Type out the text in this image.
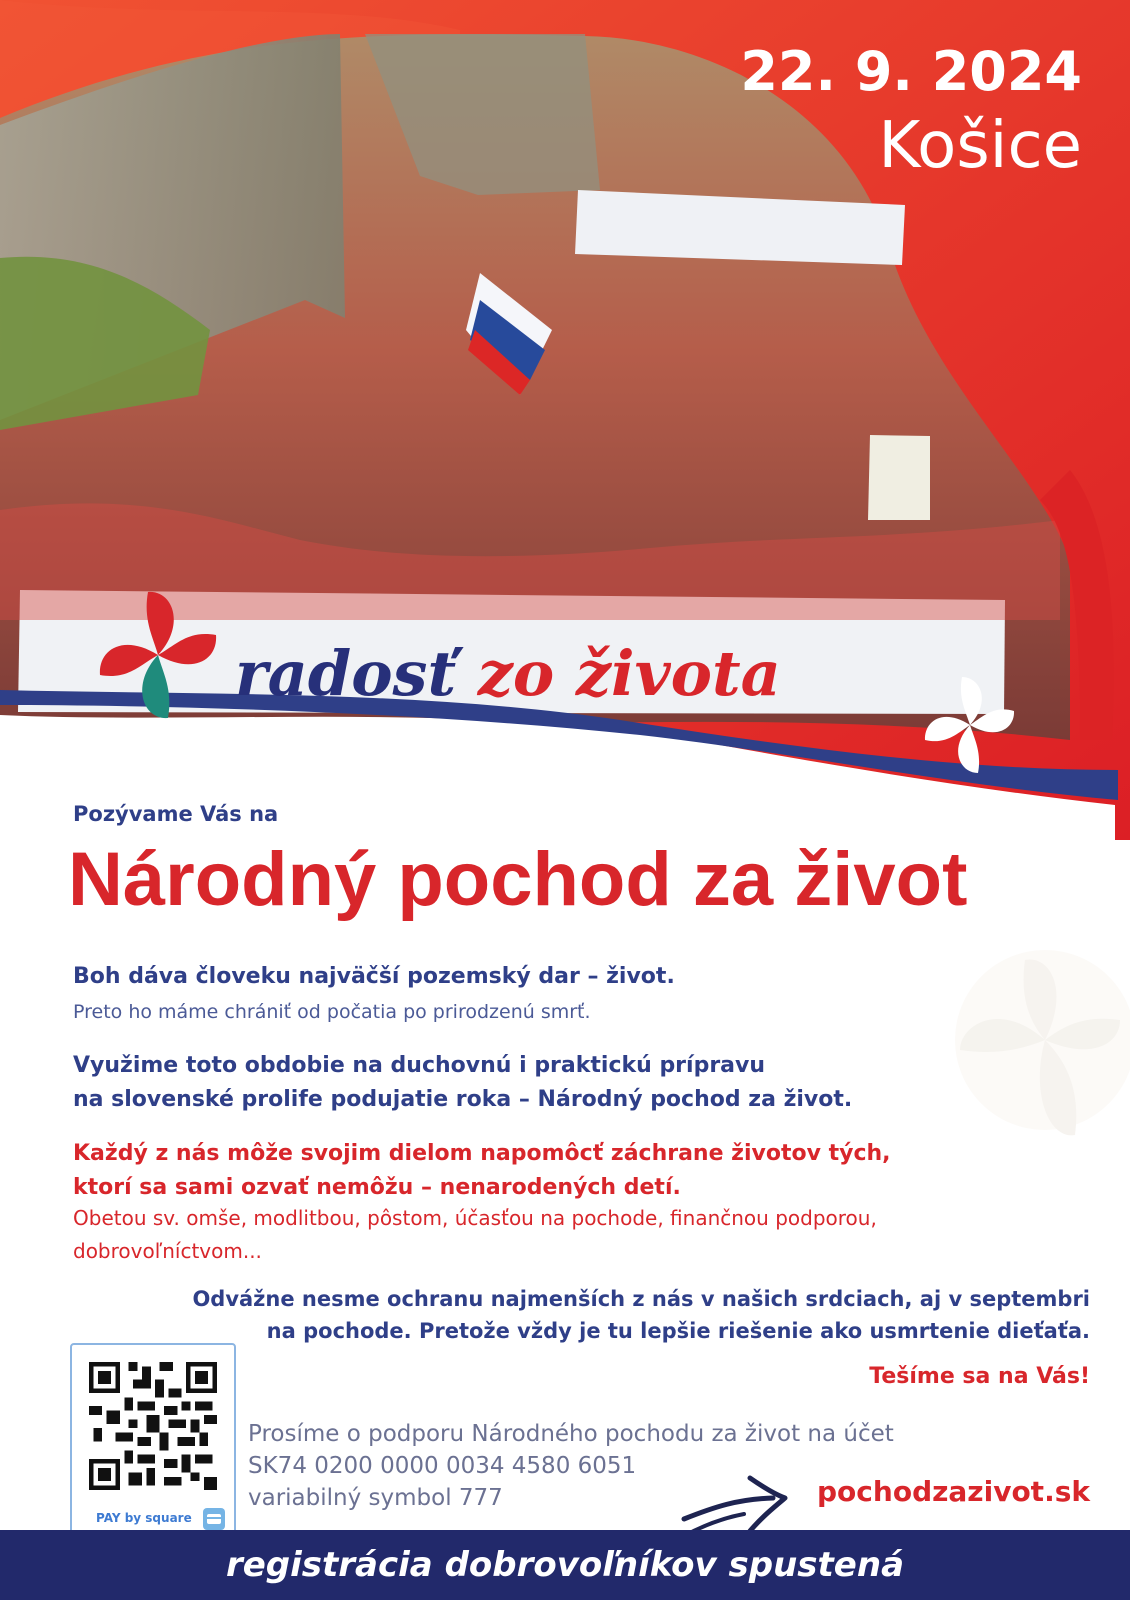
22. 9. 2024
Košice
radosť zo života
Pozývame Vás na
Národný pochod za život

Boh dáva človeku najväčší pozemský dar – život.

Preto ho máme chrániť od počatia po prirodzenú smrť.

Využime toto obdobie na duchovnú i praktickú prípravu

na slovenské prolife podujatie roka – Národný pochod za život.

Každý z nás môže svojim dielom napomôcť záchrane životov tých,

ktorí sa sami ozvať nemôžu – nenarodených detí.

Obetou sv. omše, modlitbou, pôstom, účasťou na pochode, finančnou podporou,

dobrovoľníctvom...

Odvážne nesme ochranu najmenších z nás v našich srdciach, aj v septembri
na pochode. Pretože vždy je tu lepšie riešenie ako usmrtenie dieťaťa.
Tešíme sa na Vás!
PAY by square
Prosíme o podporu Národného pochodu za život na účet
SK74 0200 0000 0034 4580 6051
variabilný symbol 777	pochodzazivot.sk
registrácia dobrovoľníkov spustená
